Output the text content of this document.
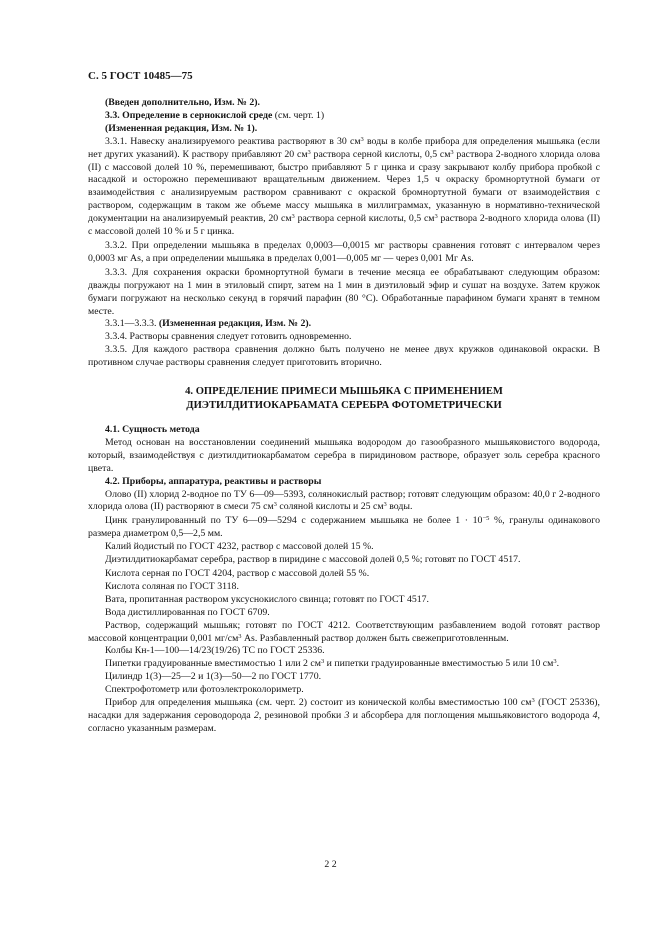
С. 5 ГОСТ 10485—75

(Введен дополнительно, Изм. № 2).

3.3. Определение в сернокислой среде (см. черт. 1)

(Измененная редакция, Изм. № 1).

3.3.1. Навеску анализируемого реактива растворяют в 30 $см^3$ воды в колбе прибора для определения мышьяка (если нет других указаний). К раствору прибавляют 20 $см^3$ раствора серной кислоты, 0,5 $см^3$ раствора 2-водного хлорида олова (II) с массовой долей 10 %, перемешивают, быстро прибавляют 5 г цинка и сразу закрывают колбу прибора пробкой с насадкой и осторожно перемешивают вращательным движением. Через 1,5 ч окраску бромнортутной бумаги от взаимодействия с анализируемым раствором сравнивают с окраской бромнортутной бумаги от взаимодействия с раствором, содержащим в таком же объеме массу мышьяка в миллиграммах, указанную в нормативно-технической документации на анализируемый реактив, 20 $см^3$ раствора серной кислоты, 0,5 $см^3$ раствора 2-водного хлорида олова (II) с массовой долей 10 % и 5 г цинка.

3.3.2. При определении мышьяка в пределах 0,0003—0,0015 мг растворы сравнения готовят с интервалом через 0,0003 мг As, а при определении мышьяка в пределах 0,001—0,005 мг — через 0,001 Мг As.

3.3.3. Для сохранения окраски бромнортутной бумаги в течение месяца ее обрабатывают следующим образом: дважды погружают на 1 мин в этиловый спирт, затем на 1 мин в диэтиловый эфир и сушат на воздухе. Затем кружок бумаги погружают на несколько секунд в горячий парафин (80 °С). Обработанные парафином бумаги хранят в темном месте.

3.3.1—3.3.3. (Измененная редакция, Изм. № 2).

3.3.4. Растворы сравнения следует готовить одновременно.

3.3.5. Для каждого раствора сравнения должно быть получено не менее двух кружков одинаковой окраски. В противном случае растворы сравнения следует приготовить вторично.

4. ОПРЕДЕЛЕНИЕ ПРИМЕСИ МЫШЬЯКА С ПРИМЕНЕНИЕМ
ДИЭТИЛДИТИОКАРБАМАТА СЕРЕБРА ФОТОМЕТРИЧЕСКИ

4.1. Сущность метода

Метод основан на восстановлении соединений мышьяка водородом до газообразного мышьяковистого водорода, который, взаимодействуя с диэтилдитиокарбаматом серебра в пиридиновом растворе, образует золь серебра красного цвета.

4.2. Приборы, аппаратура, реактивы и растворы

Олово (II) хлорид 2-водное по ТУ 6—09—5393, солянокислый раствор; готовят следующим образом: 40,0 г 2-водного хлорида олова (II) растворяют в смеси 75 $см^3$ соляной кислоты и 25 $см^3$ воды.

Цинк гранулированный по ТУ 6—09—5294 с содержанием мышьяка не более $1 \cdot 10^{-5}$ %, гранулы одинакового размера диаметром 0,5—2,5 мм.

Калий йодистый по ГОСТ 4232, раствор с массовой долей 15 %.

Диэтилдитиокарбамат серебра, раствор в пиридине с массовой долей 0,5 %; готовят по ГОСТ 4517.

Кислота серная по ГОСТ 4204, раствор с массовой долей 55 %.

Кислота соляная по ГОСТ 3118.

Вата, пропитанная раствором уксуснокислого свинца; готовят по ГОСТ 4517.

Вода дистиллированная по ГОСТ 6709.

Раствор, содержащий мышьяк; готовят по ГОСТ 4212. Соответствующим разбавлением водой готовят раствор массовой концентрации 0,001 $мг/см^3$ As. Разбавленный раствор должен быть свежеприготовленным.

Колбы Кн-1—100—14/23(19/26) ТС по ГОСТ 25336.

Пипетки градуированные вместимостью 1 или 2 $см^3$ и пипетки градуированные вместимостью 5 или 10 $см^3$.

Цилиндр 1(3)—25—2 и 1(3)—50—2 по ГОСТ 1770.

Спектрофотометр или фотоэлектроколориметр.

Прибор для определения мышьяка (см. черт. 2) состоит из конической колбы вместимостью 100 $см^3$ (ГОСТ 25336), насадки для задержания сероводорода 2, резиновой пробки 3 и абсорбера для поглощения мышьяковистого водорода 4, согласно указанным размерам.

2 2
